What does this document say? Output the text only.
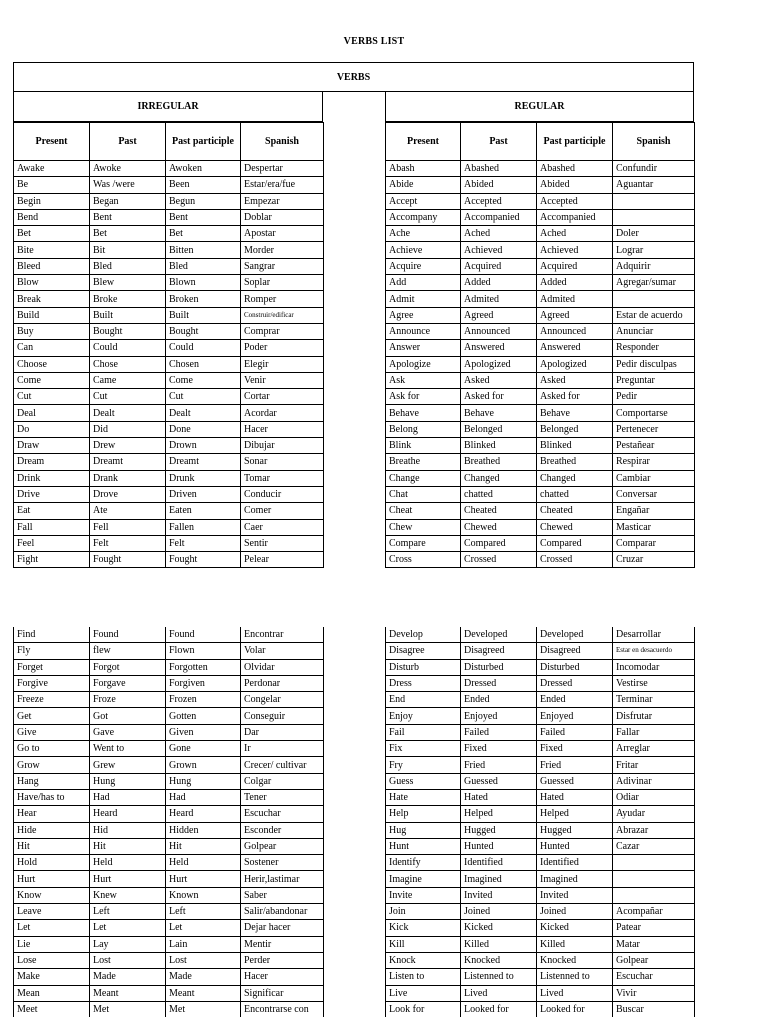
VERBS LIST
VERBS
IRREGULAR	REGULAR
Present	Past	Past participle	Spanish
Awake	Awoke	Awoken	Despertar
Be	Was /were	Been	Estar/era/fue
Begin	Began	Begun	Empezar
Bend	Bent	Bent	Doblar
Bet	Bet	Bet	Apostar
Bite	Bit	Bitten	Morder
Bleed	Bled	Bled	Sangrar
Blow	Blew	Blown	Soplar
Break	Broke	Broken	Romper
Build	Built	Built	Construir/edificar
Buy	Bought	Bought	Comprar
Can	Could	Could	Poder
Choose	Chose	Chosen	Elegir
Come	Came	Come	Venir
Cut	Cut	Cut	Cortar
Deal	Dealt	Dealt	Acordar
Do	Did	Done	Hacer
Draw	Drew	Drown	Dibujar
Dream	Dreamt	Dreamt	Sonar
Drink	Drank	Drunk	Tomar
Drive	Drove	Driven	Conducir
Eat	Ate	Eaten	Comer
Fall	Fell	Fallen	Caer
Feel	Felt	Felt	Sentir
Fight	Fought	Fought	Pelear
Present	Past	Past participle	Spanish
Abash	Abashed	Abashed	Confundir
Abide	Abided	Abided	Aguantar
Accept	Accepted	Accepted	
Accompany	Accompanied	Accompanied	
Ache	Ached	Ached	Doler
Achieve	Achieved	Achieved	Lograr
Acquire	Acquired	Acquired	Adquirir
Add	Added	Added	Agregar/sumar
Admit	Admited	Admited	
Agree	Agreed	Agreed	Estar de acuerdo
Announce	Announced	Announced	Anunciar
Answer	Answered	Answered	Responder
Apologize	Apologized	Apologized	Pedir disculpas
Ask	Asked	Asked	Preguntar
Ask for	Asked for	Asked for	Pedir
Behave	Behave	Behave	Comportarse
Belong	Belonged	Belonged	Pertenecer
Blink	Blinked	Blinked	Pestañear
Breathe	Breathed	Breathed	Respirar
Change	Changed	Changed	Cambiar
Chat	chatted	chatted	Conversar
Cheat	Cheated	Cheated	Engañar
Chew	Chewed	Chewed	Masticar
Compare	Compared	Compared	Comparar
Cross	Crossed	Crossed	Cruzar
Find	Found	Found	Encontrar
Fly	flew	Flown	Volar
Forget	Forgot	Forgotten	Olvidar
Forgive	Forgave	Forgiven	Perdonar
Freeze	Froze	Frozen	Congelar
Get	Got	Gotten	Conseguir
Give	Gave	Given	Dar
Go to	Went to	Gone	Ir
Grow	Grew	Grown	Crecer/ cultivar
Hang	Hung	Hung	Colgar
Have/has to	Had	Had	Tener
Hear	Heard	Heard	Escuchar
Hide	Hid	Hidden	Esconder
Hit	Hit	Hit	Golpear
Hold	Held	Held	Sostener
Hurt	Hurt	Hurt	Herir,lastimar
Know	Knew	Known	Saber
Leave	Left	Left	Salir/abandonar
Let	Let	Let	Dejar hacer
Lie	Lay	Lain	Mentir
Lose	Lost	Lost	Perder
Make	Made	Made	Hacer
Mean	Meant	Meant	Significar
Meet	Met	Met	Encontrarse con
Develop	Developed	Developed	Desarrollar
Disagree	Disagreed	Disagreed	Estar en desacuerdo
Disturb	Disturbed	Disturbed	Incomodar
Dress	Dressed	Dressed	Vestirse
End	Ended	Ended	Terminar
Enjoy	Enjoyed	Enjoyed	Disfrutar
Fail	Failed	Failed	Fallar
Fix	Fixed	Fixed	Arreglar
Fry	Fried	Fried	Fritar
Guess	Guessed	Guessed	Adivinar
Hate	Hated	Hated	Odiar
Help	Helped	Helped	Ayudar
Hug	Hugged	Hugged	Abrazar
Hunt	Hunted	Hunted	Cazar
Identify	Identified	Identified	
Imagine	Imagined	Imagined	
Invite	Invited	Invited	
Join	Joined	Joined	Acompañar
Kick	Kicked	Kicked	Patear
Kill	Killed	Killed	Matar
Knock	Knocked	Knocked	Golpear
Listen to	Listenned to	Listenned to	Escuchar
Live	Lived	Lived	Vivir
Look for	Looked for	Looked for	Buscar
